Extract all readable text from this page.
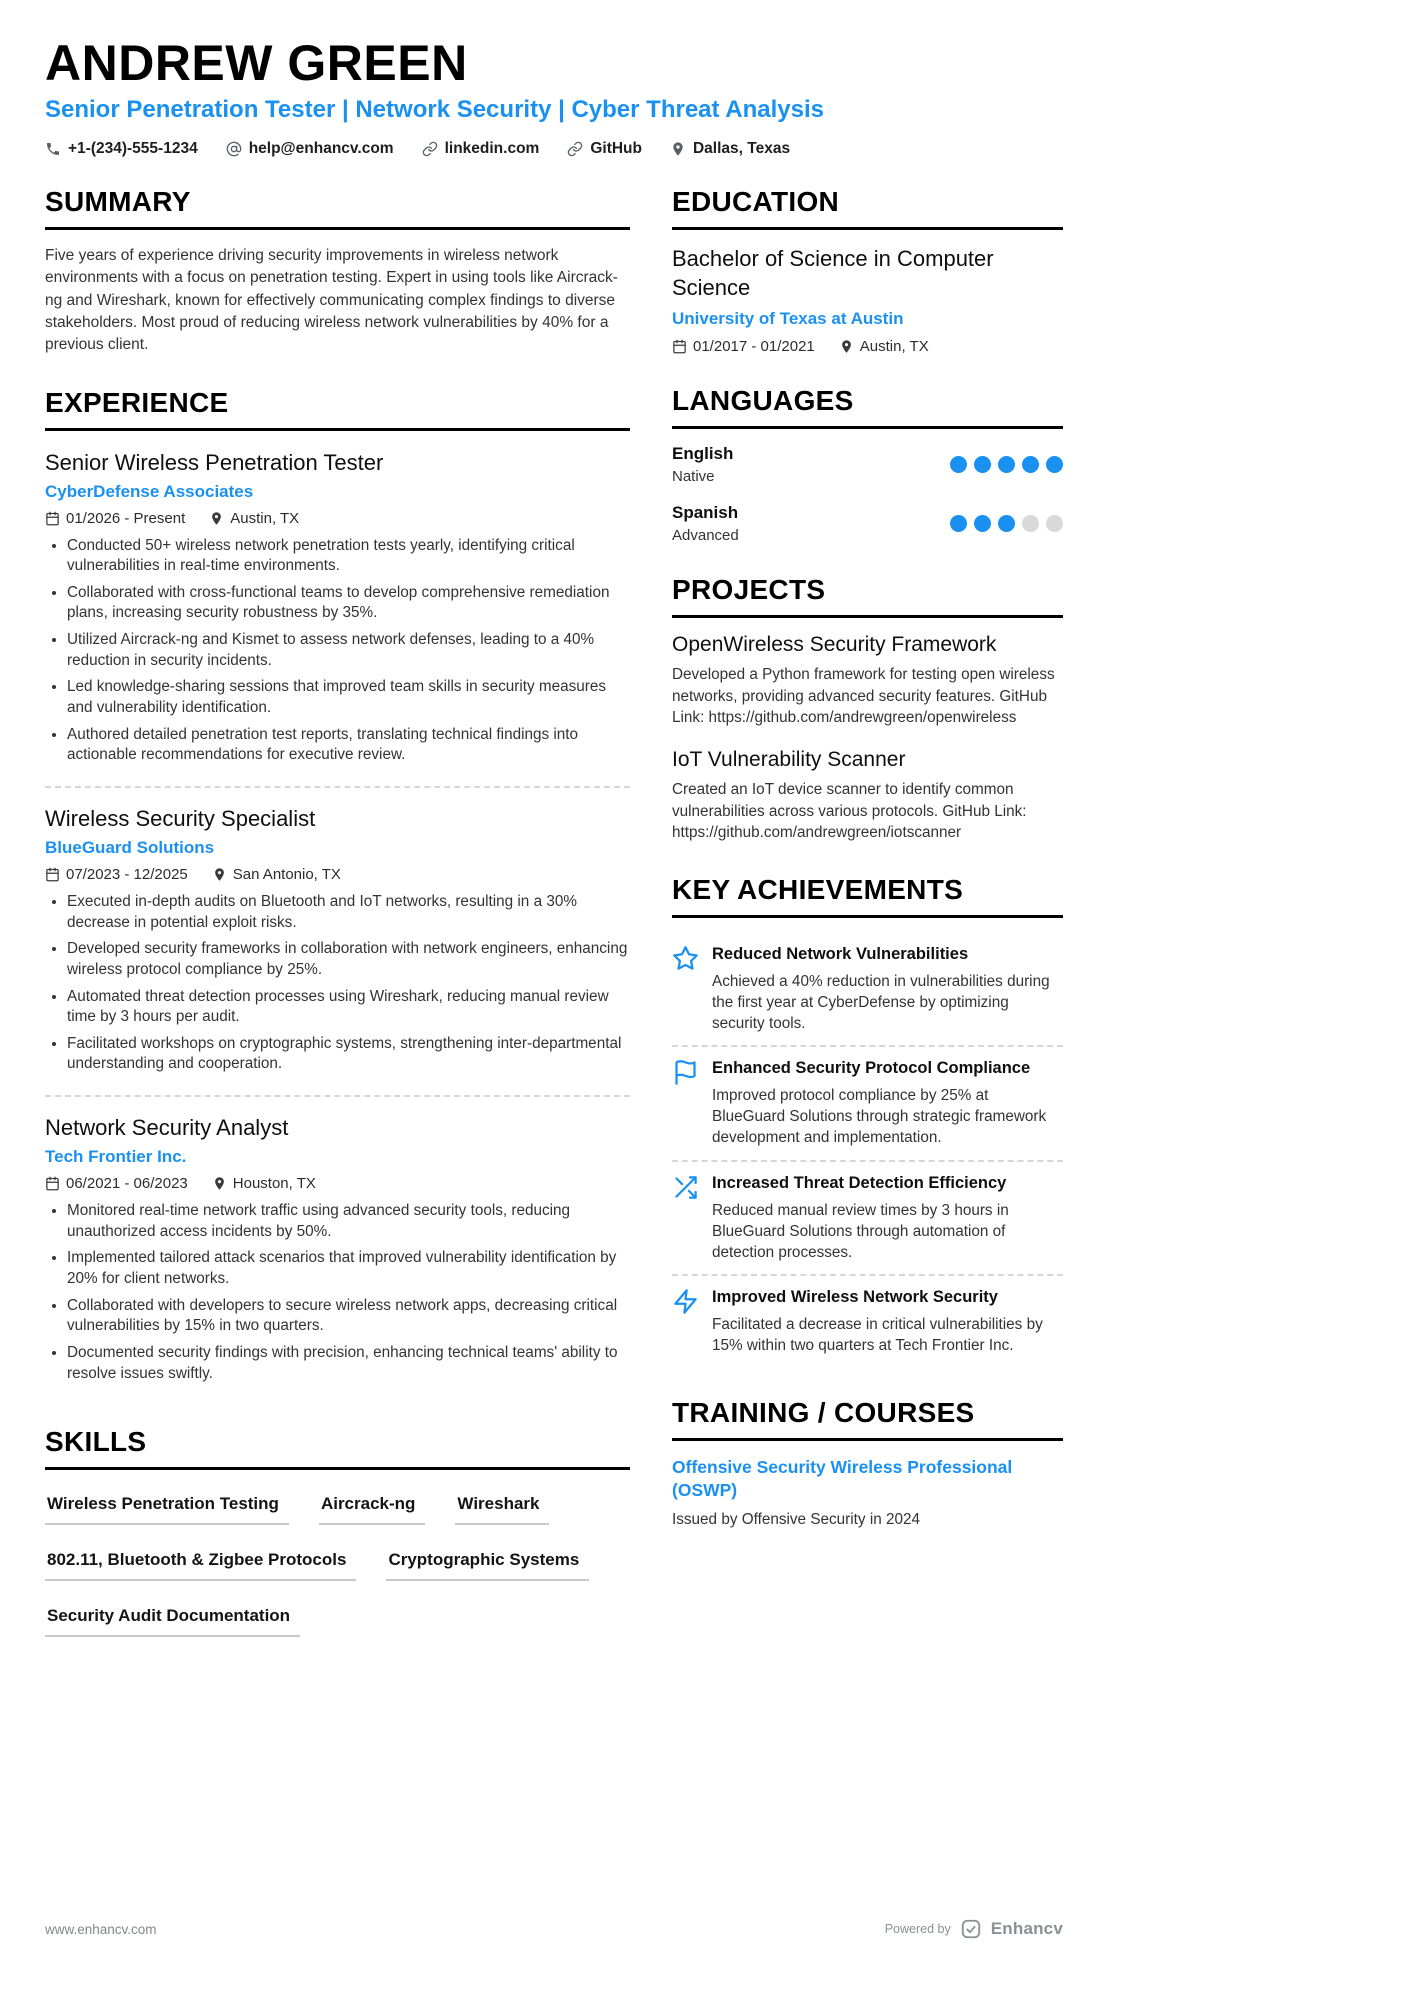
ANDREW GREEN
Senior Penetration Tester | Network Security | Cyber Threat Analysis
+1-(234)-555-1234	help@enhancv.com	linkedin.com	GitHub	Dallas, Texas
SUMMARY

Five years of experience driving security improvements in wireless network environments with a focus on penetration testing. Expert in using tools like Aircrack-ng and Wireshark, known for effectively communicating complex findings to diverse stakeholders. Most proud of reducing wireless network vulnerabilities by 40% for a previous client.

EXPERIENCE
Senior Wireless Penetration Tester
CyberDefense Associates
01/2026 - Present	Austin, TX
• Conducted 50+ wireless network penetration tests yearly, identifying critical vulnerabilities in real-time environments.
• Collaborated with cross-functional teams to develop comprehensive remediation plans, increasing security robustness by 35%.
• Utilized Aircrack-ng and Kismet to assess network defenses, leading to a 40% reduction in security incidents.
• Led knowledge-sharing sessions that improved team skills in security measures and vulnerability identification.
• Authored detailed penetration test reports, translating technical findings into actionable recommendations for executive review.
Wireless Security Specialist
BlueGuard Solutions
07/2023 - 12/2025	San Antonio, TX
• Executed in-depth audits on Bluetooth and IoT networks, resulting in a 30% decrease in potential exploit risks.
• Developed security frameworks in collaboration with network engineers, enhancing wireless protocol compliance by 25%.
• Automated threat detection processes using Wireshark, reducing manual review time by 3 hours per audit.
• Facilitated workshops on cryptographic systems, strengthening inter-departmental understanding and cooperation.
Network Security Analyst
Tech Frontier Inc.
06/2021 - 06/2023	Houston, TX
• Monitored real-time network traffic using advanced security tools, reducing unauthorized access incidents by 50%.
• Implemented tailored attack scenarios that improved vulnerability identification by 20% for client networks.
• Collaborated with developers to secure wireless network apps, decreasing critical vulnerabilities by 15% in two quarters.
• Documented security findings with precision, enhancing technical teams' ability to resolve issues swiftly.
SKILLS
Wireless Penetration Testing	Aircrack-ng	Wireshark
802.11, Bluetooth & Zigbee Protocols	Cryptographic Systems
Security Audit Documentation
EDUCATION
Bachelor of Science in Computer Science
University of Texas at Austin
01/2017 - 01/2021	Austin, TX
LANGUAGES
English
Native
Spanish
Advanced
PROJECTS
OpenWireless Security Framework
Developed a Python framework for testing open wireless networks, providing advanced security features. GitHub Link: https://github.com/andrewgreen/openwireless
IoT Vulnerability Scanner
Created an IoT device scanner to identify common vulnerabilities across various protocols. GitHub Link: https://github.com/andrewgreen/iotscanner
KEY ACHIEVEMENTS
Reduced Network Vulnerabilities
Achieved a 40% reduction in vulnerabilities during the first year at CyberDefense by optimizing security tools.
Enhanced Security Protocol Compliance
Improved protocol compliance by 25% at BlueGuard Solutions through strategic framework development and implementation.
Increased Threat Detection Efficiency
Reduced manual review times by 3 hours in BlueGuard Solutions through automation of detection processes.
Improved Wireless Network Security
Facilitated a decrease in critical vulnerabilities by 15% within two quarters at Tech Frontier Inc.
TRAINING / COURSES
Offensive Security Wireless Professional (OSWP)
Issued by Offensive Security in 2024
www.enhancv.com	Powered by Enhancv
